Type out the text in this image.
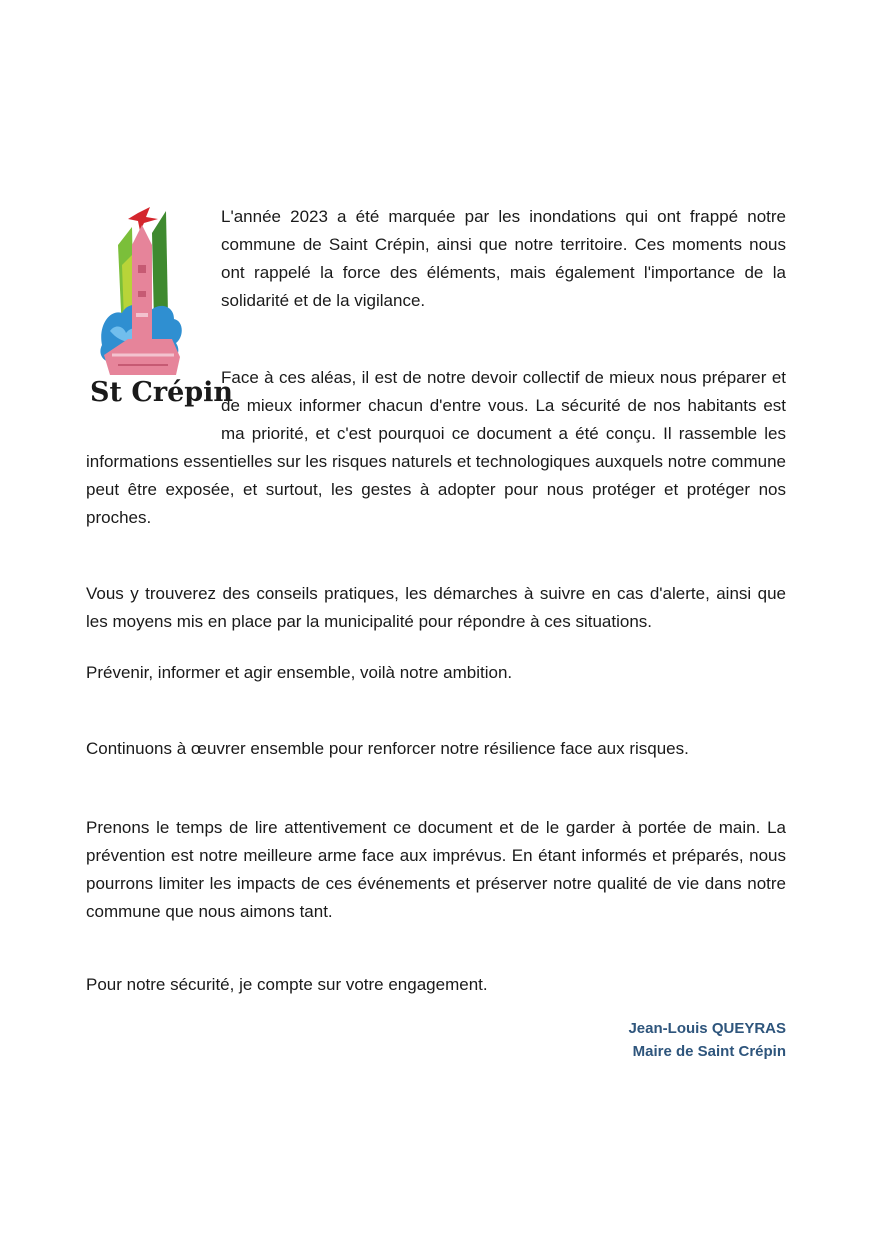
St Crépin

L'année 2023 a été marquée par les inondations qui ont frappé notre commune de Saint Crépin, ainsi que notre territoire. Ces moments nous ont rappelé la force des éléments, mais également l'importance de la solidarité et de la vigilance.

Face à ces aléas, il est de notre devoir collectif de mieux nous préparer et de mieux informer chacun d'entre vous. La sécurité de nos habitants est ma priorité, et c'est pourquoi ce document a été conçu. Il rassemble les informations essentielles sur les risques naturels et technologiques auxquels notre commune peut être exposée, et surtout, les gestes à adopter pour nous protéger et protéger nos proches.

Vous y trouverez des conseils pratiques, les démarches à suivre en cas d'alerte, ainsi que les moyens mis en place par la municipalité pour répondre à ces situations.

Prévenir, informer et agir ensemble, voilà notre ambition.

Continuons à œuvrer ensemble pour renforcer notre résilience face aux risques.

Prenons le temps de lire attentivement ce document et de le garder à portée de main. La prévention est notre meilleure arme face aux imprévus. En étant informés et préparés, nous pourrons limiter les impacts de ces événements et préserver notre qualité de vie dans notre commune que nous aimons tant.

Pour notre sécurité, je compte sur votre engagement.

Jean-Louis QUEYRAS
Maire de Saint Crépin
